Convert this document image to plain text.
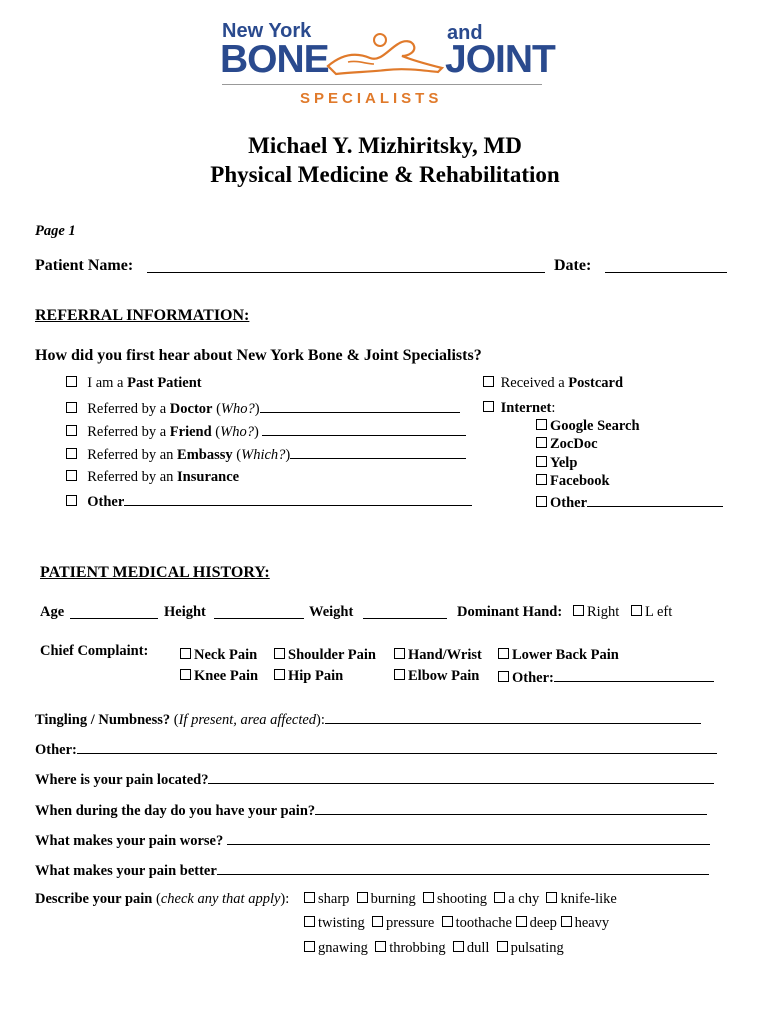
New York	and
BONE	JOINT
SPECIALISTS
Michael Y. Mizhiritsky, MD
Physical Medicine & Rehabilitation
Page 1
Patient Name:	Date:
REFERRAL INFORMATION:
How did you first hear about New York Bone & Joint Specialists?
I am a Past Patient
Referred by a Doctor (Who?)
Referred by a Friend (Who?)
Referred by an Embassy (Which?)
Referred by an Insurance
Other
Received a Postcard
Internet:
Google Search
ZocDoc
Yelp
Facebook
Other
PATIENT MEDICAL HISTORY:
Age	Height	Weight	Dominant Hand:	Right	L eft
Chief Complaint:	Neck Pain	Shoulder Pain	Hand/Wrist	Lower Back Pain
Knee Pain	Hip Pain	Elbow Pain	Other:
Tingling / Numbness? (If present, area affected):
Other:
Where is your pain located?
When during the day do you have your pain?
What makes your pain worse?
What makes your pain better
Describe your pain (check any that apply):	sharp burning shooting a chy knife-like
twisting pressure toothache deep heavy
gnawing throbbing dull pulsating
